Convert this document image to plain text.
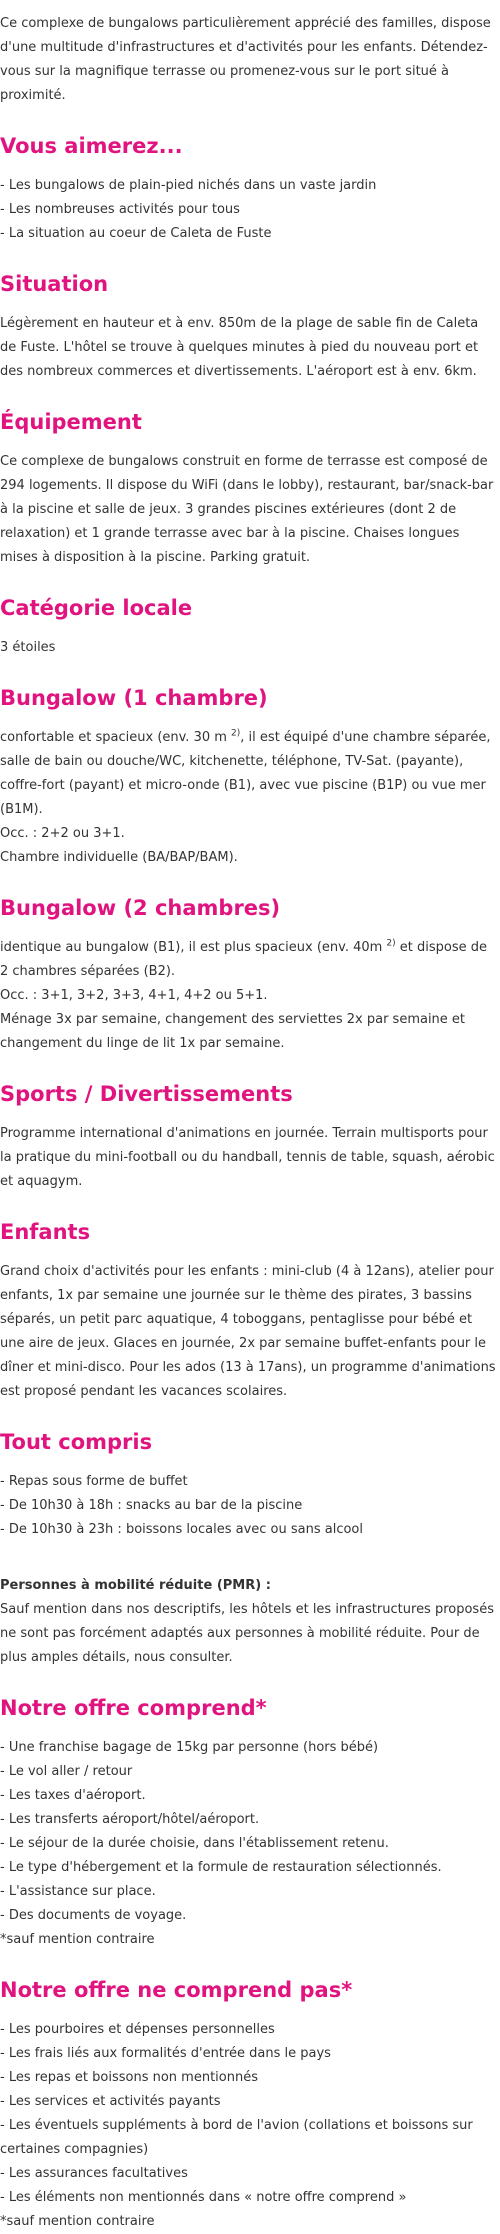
Ce complexe de bungalows particulièrement apprécié des familles, dispose d'une multitude d'infrastructures et d'activités pour les enfants. Détendez-vous sur la magnifique terrasse ou promenez-vous sur le port situé à proximité.

Vous aimerez...
- Les bungalows de plain-pied nichés dans un vaste jardin
- Les nombreuses activités pour tous
- La situation au coeur de Caleta de Fuste
Situation

Légèrement en hauteur et à env. 850m de la plage de sable fin de Caleta de Fuste. L'hôtel se trouve à quelques minutes à pied du nouveau port et des nombreux commerces et divertissements. L'aéroport est à env. 6km.

Équipement

Ce complexe de bungalows construit en forme de terrasse est composé de 294 logements. Il dispose du WiFi (dans le lobby), restaurant, bar/snack-bar à la piscine et salle de jeux. 3 grandes piscines extérieures (dont 2 de relaxation) et 1 grande terrasse avec bar à la piscine. Chaises longues mises à disposition à la piscine. Parking gratuit.

Catégorie locale

3 étoiles

Bungalow (1 chambre)

confortable et spacieux (env. 30 m $^{2)}$, il est équipé d'une chambre séparée, salle de bain ou douche/WC, kitchenette, téléphone, TV-Sat. (payante), coffre-fort (payant) et micro-onde (B1), avec vue piscine (B1P) ou vue mer (B1M).

Occ. : 2+2 ou 3+1.

Chambre individuelle (BA/BAP/BAM).

Bungalow (2 chambres)

identique au bungalow (B1), il est plus spacieux (env. 40m $^{2)}$ et dispose de 2 chambres séparées (B2).

Occ. : 3+1, 3+2, 3+3, 4+1, 4+2 ou 5+1.

Ménage 3x par semaine, changement des serviettes 2x par semaine et changement du linge de lit 1x par semaine.

Sports / Divertissements

Programme international d'animations en journée. Terrain multisports pour la pratique du mini-football ou du handball, tennis de table, squash, aérobic et aquagym.

Enfants

Grand choix d'activités pour les enfants : mini-club (4 à 12ans), atelier pour enfants, 1x par semaine une journée sur le thème des pirates, 3 bassins séparés, un petit parc aquatique, 4 toboggans, pentaglisse pour bébé et une aire de jeux. Glaces en journée, 2x par semaine buffet-enfants pour le dîner et mini-disco. Pour les ados (13 à 17ans), un programme d'animations est proposé pendant les vacances scolaires.

Tout compris
- Repas sous forme de buffet
- De 10h30 à 18h : snacks au bar de la piscine
- De 10h30 à 23h : boissons locales avec ou sans alcool
Personnes à mobilité réduite (PMR) :

Sauf mention dans nos descriptifs, les hôtels et les infrastructures proposés ne sont pas forcément adaptés aux personnes à mobilité réduite. Pour de plus amples détails, nous consulter.

Notre offre comprend*
- Une franchise bagage de 15kg par personne (hors bébé)
- Le vol aller / retour
- Les taxes d'aéroport.
- Les transferts aéroport/hôtel/aéroport.
- Le séjour de la durée choisie, dans l'établissement retenu.
- Le type d'hébergement et la formule de restauration sélectionnés.
- L'assistance sur place.
- Des documents de voyage.
*sauf mention contraire
Notre offre ne comprend pas*
- Les pourboires et dépenses personnelles
- Les frais liés aux formalités d'entrée dans le pays
- Les repas et boissons non mentionnés
- Les services et activités payants
- Les éventuels suppléments à bord de l'avion (collations et boissons sur certaines compagnies)
- Les assurances facultatives
- Les éléments non mentionnés dans « notre offre comprend »
*sauf mention contraire
